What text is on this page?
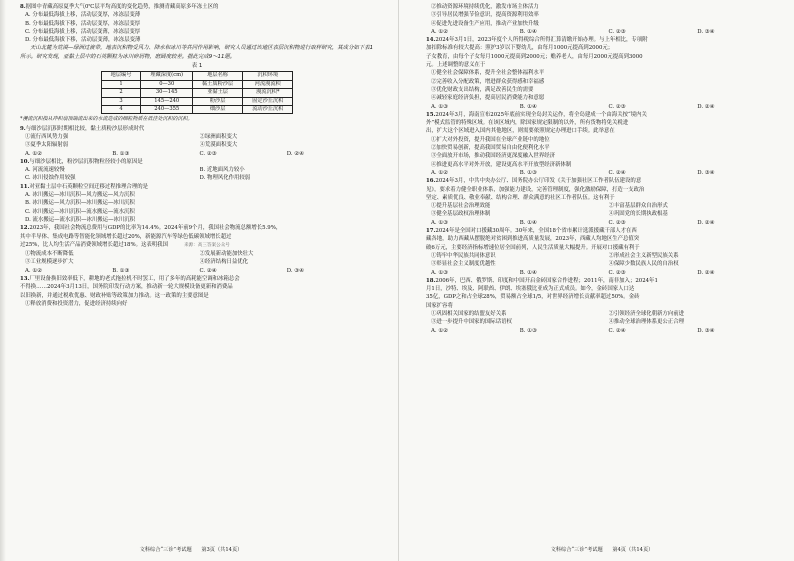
8.据图中青藏高原夏季大气0℃层平均高度的变化趋势，推测青藏高原多年冻土区的

A. 分布最低海拔上移，活动层变厚，冰冻层变薄

B. 分布最低海拔下移，活动层变厚，冰冻层变厚

C. 分布最低海拔上移，活动层变薄，冰冻层变厚

D. 分布最低海拔下移，活动层变薄，冰冻层变薄

天山北麓为荒漠—绿洲过渡带，地表沉积物受风力、降水和冰川等共同作用影响，研究人员通过该地区表层沉积物进行取样研究，其成分如下表1所示。研究发现，亚黏土层中的石英颗粒为冰川碎屑物，磨圆度较差。据此完成9～11题。

表 1

地层编号	埋藏深度(cm)	地层名称	沉积环境
1	0—30	黏土质粉沙层	河流漫流积
2	30—145	亚黏土层	漫流沉积*
3	145—240	粉沙层	固定沙丘沉积
4	240—355	细沙层	流动沙丘沉积

*漫流沉积指从冲积扇顶端流出来的水流造成的细粒物质在低洼处沉积的沉积。

9.与细沙层沉积时期相比较，黏土质粉沙层形成时代

①流行西风势力强	②绿洲面积变大
③夏季太阳辐射弱	④荒漠面积变大
A. ①②	B. ①③	C. ②③	D. ②④

10.与细沙层相比，粉沙层沉积物粒径较小的原因是

A. 河流流速较慢	B. 近地面风力较小
C. 冰川侵蚀作用较强	D. 物理风化作用较弱

11.对亚黏土层中石英颗粒空间迁移过程推理合理的是

A. 冰川搬运—冰川沉积—风力搬运—风力沉积

B. 冰川搬运—风力沉积—冰川搬运—冰川沉积

C. 冰川搬运—冰川沉积—流水搬运—流水沉积

D. 流水搬运—流水沉积—冰川搬运—冰川沉积

12.2023年，我国社会物流总费用与GDP的比率为14.4%。2024年前9个月，我国社会物流总额增长5.9%，

其中半导体、集成电路等智能化领域增长超过20%，新能源汽车等绿色低碳领域增长超过

过25%，比人均生活产品消费领域增长超过18%。这表明我国	来源：高三答案公众号

①物流成本不断降低	②发展新动能加快壮大
③工业规模逐步扩大	④经济结构日益优化
A. ①②	B. ①③	C. ②④	D. ③④

13.厂里设备换旧效率低下，耕地的老式拖拉机不时罢工，用了多年的高耗能空调和冰箱总会

不得换……2024年3月13日，国务院印发行动方案，推动新一轮大规模设备更新和消费品

以旧换新，并通过税收优惠、财政补贴等政策加力推动。这一政策的主要意图是

①释放消费和投资潜力，促进经济持续向好

文科综合“三诊”考试题 第3页（共14页）

②推动资源环境持续优化，激发市场主体活力

③引导居民增强节俭意识，提高资源利用效率

④促进先进设备生产应用，推动产业加快升级

A. ①②	B. ①④	C. ②③	D. ③④

14.2024年3月1日，2023年度个人所得税综合所得汇算清缴开始办理。与上年相比，专项附

加扣除标准有较大提高：照护3岁以下婴幼儿，由每月1000元提高到2000元；

子女教育，由每个子女每月1000元提高到2000元；赡养老人，由每月2000元提高到3000

元。上述调整的意义在于

①健全社会保障体系，提升全社会整体福利水平

②完善收入分配政策，增进群众获得感和幸福感

③优化财政支出结构，满足改善民生的需要

④减轻家庭经济负担，提高居民消费能力和意愿

A. ①③	B. ①④	C. ②③	D. ②④

15.2024年3月，海南宣布2025年底前实现全岛封关运作，将全岛建成一个由海关按“境内关

外”模式监管的特殊区域。在该区域内，除国家规定限制的以外，所有货物将免关税进

出，扩大这个区域进入国内其他地区，则需要依照规定办理进口手续。此举意在

①扩大对外投资，提升我国在全球产业链中的地位

②加快贸易创新，提高我国贸易自由化便利化水平

③全面放开市场，推动我国经济更深度融入世界经济

④推进更高水平对外开放，建设更高水平开放型经济新体制

A. ①②	B. ①③	C. ②④	D. ③④

16.2024年3月，中共中央办公厅、国务院办公厅印发《关于加强社区工作者队伍建设的意

见》，要求着力健全职业体系，加强能力建设，完善管理制度，强化激励保障，打造一支政治

坚定、素质优良、敬业奉献、结构合理、群众满意的社区工作者队伍。这有利于

①提升基层社会治理效能	②丰富基层群众自治形式
③健全基层政权治理体制	④巩固党的长期执政根基
A. ①③	B. ①④	C. ②③	D. ②④

17.2024年是全国对口援藏30周年。30年来，全国18个省市累计选派援藏干部人才在西

藏各地，助力西藏从摆脱绝对贫困到推进高质量发展，2023年，西藏人均地区生产总值突

破6万元，主要经济指标增速位居全国前列，人民生活质量大幅提升。开展对口援藏有利于

①铸牢中华民族共同体意识	②形成社会主义新型民族关系
③彰显社会主义制度优越性	④保障少数民族人民的自治权
A. ①③	B. ①④	C. ②③	D. ②④

18.2006年，巴西、俄罗斯、印度和中国开启金砖国家合作进程；2011年，南非加入；2024年1

月1日，沙特、埃及、阿联酋、伊朗、埃塞俄比亚成为正式成员。如今，金砖国家人口达

35亿，GDP之和占全球28%，贸易额占全球1/5，对世界经济增长贡献率超过50%。金砖

国家扩容将

①巩固相关国家的结盟友好关系	②引领经济全球化朝新方向前进
③进一步提升中国家的国际话语权	④推动全球治理体系更公正合理
A. ①②	B. ①③	C. ②④	D. ③④
文科综合“三诊”考试题 第4页（共14页）
